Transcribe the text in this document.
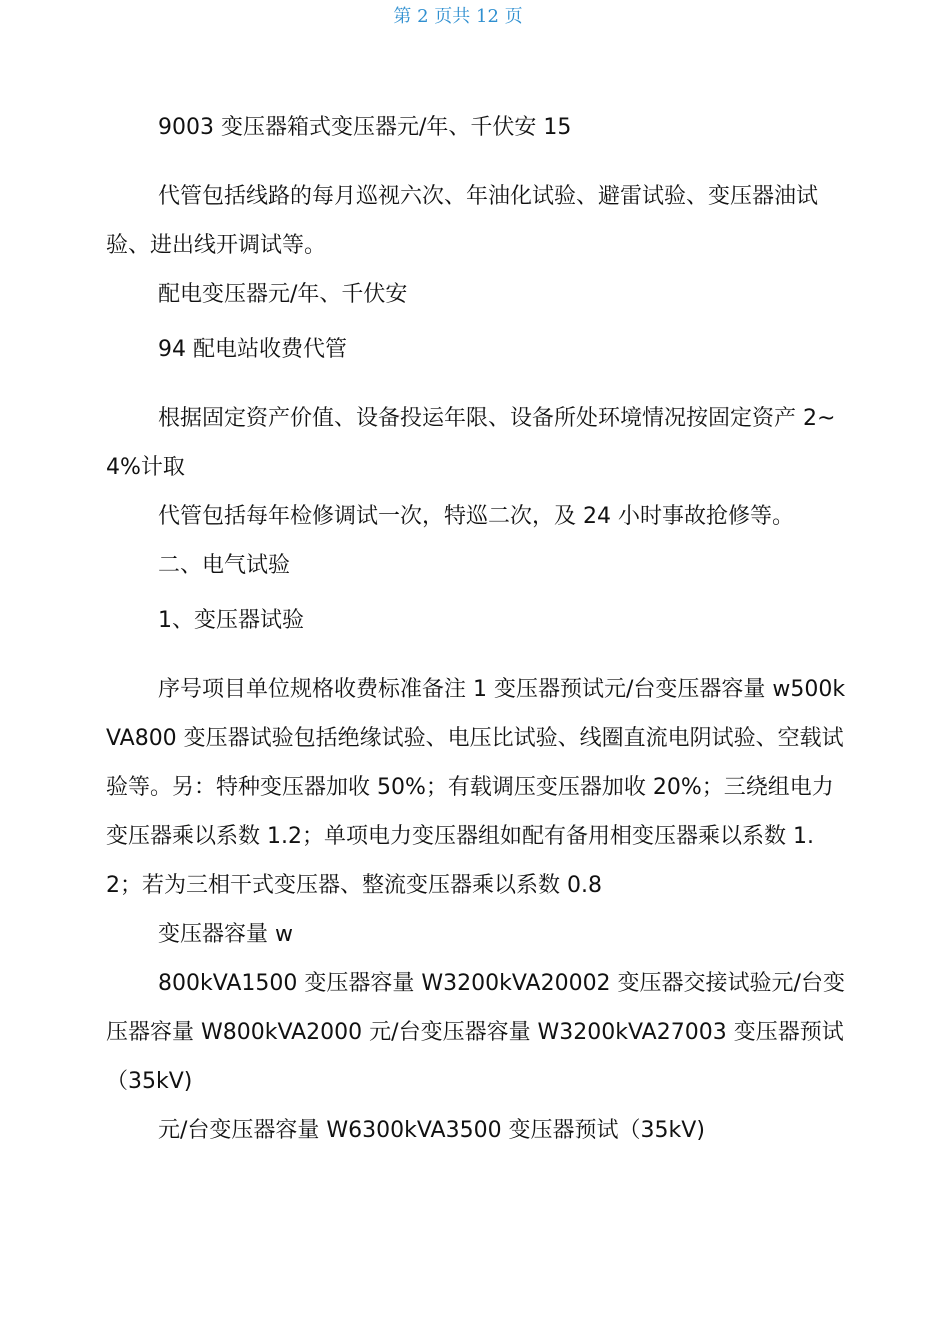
第 2 页共 12 页

9003 变压器箱式变压器元/年、千伏安 15

代管包括线路的每月巡视六次、年油化试验、避雷试验、变压器油试验、进出线开调试等。

配电变压器元/年、千伏安

94 配电站收费代管

根据固定资产价值、设备投运年限、设备所处环境情况按固定资产 2~4%计取

代管包括每年检修调试一次，特巡二次，及 24 小时事故抢修等。

二、电气试验

1、变压器试验

序号项目单位规格收费标准备注 1 变压器预试元/台变压器容量 w500kVA800 变压器试验包括绝缘试验、电压比试验、线圈直流电阴试验、空载试验等。另：特种变压器加收 50%；有载调压变压器加收 20%；三绕组电力变压器乘以系数 1.2；单项电力变压器组如配有备用相变压器乘以系数 1.2；若为三相干式变压器、整流变压器乘以系数 0.8

变压器容量 w

800kVA1500 变压器容量 W3200kVA20002 变压器交接试验元/台变压器容量 W800kVA2000 元/台变压器容量 W3200kVA27003 变压器预试（35kV)

元/台变压器容量 W6300kVA3500 变压器预试（35kV)
